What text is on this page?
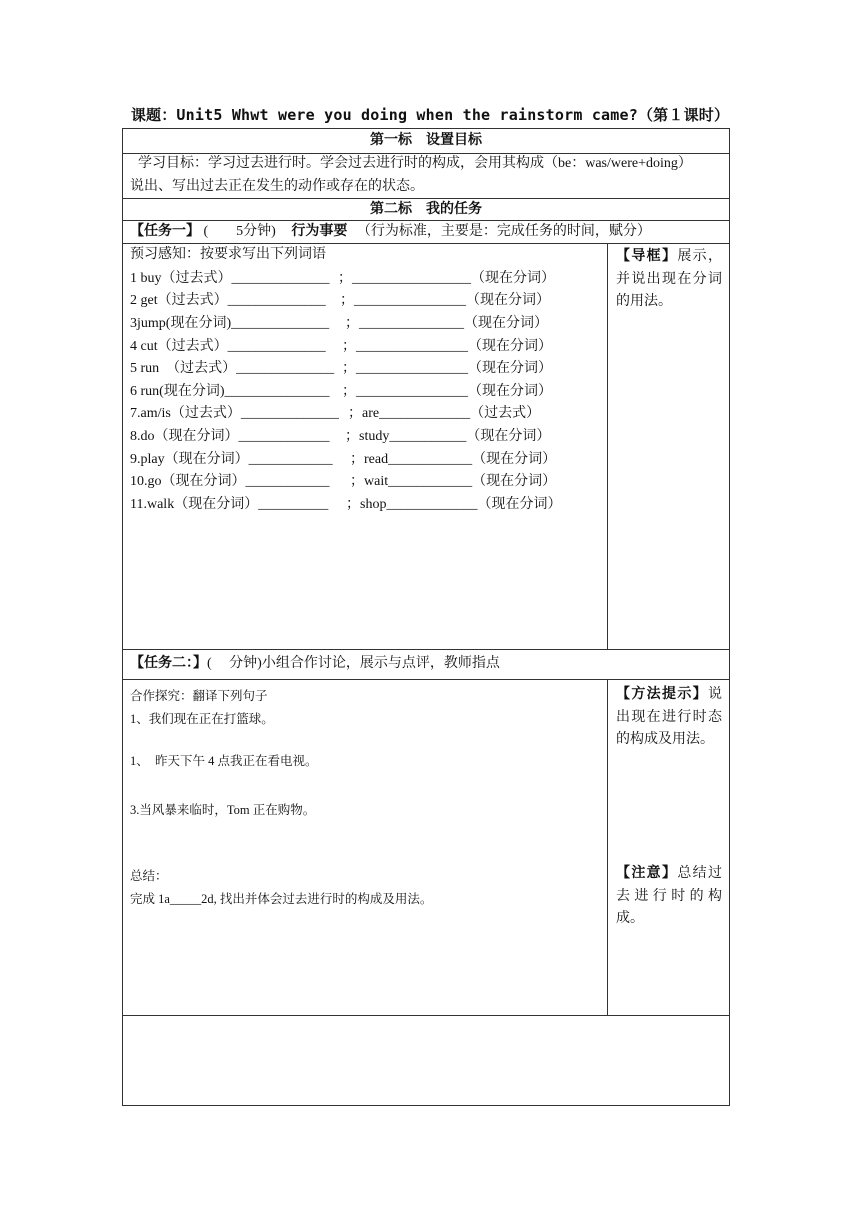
课题：Unit5 Whwt were you doing when the rainstorm came?（第１课时）
第一标　设置目标
学习目标：学习过去进行时。学会过去进行时的构成，会用其构成（be：was/were+doing）
说出、写出过去正在发生的动作或存在的状态。
第二标　我的任务
【任务一】 (　　5分钟) 行为事要 （行为标准，主要是：完成任务的时间，赋分）
预习感知：按要求写出下列词语
1 buy（过去式）______________ ；_________________（现在分词）
2 get（过去式）______________ ；________________（现在分词）
3jump(现在分词)______________ ；_______________（现在分词）
4 cut（过去式）______________ ；________________（现在分词）
5 run　（过去式）______________ ；________________（现在分词）
6 run(现在分词)_______________ ；________________（现在分词）
7.am/is（过去式）______________ ；are_____________（过去式）
8.do（现在分词）_____________ ；study___________（现在分词）
9.play（现在分词）____________ ；read____________（现在分词）
10.go（现在分词）____________ ；wait____________（现在分词）
11.walk（现在分词）__________ ；shop_____________（现在分词）
【导框】展示，并说出现在分词的用法。
【任务二：】(　 分钟)小组合作讨论，展示与点评，教师指点
合作探究：翻译下列句子
1、我们现在正在打篮球。
1、　昨天下午 4 点我正在看电视。
3.当风暴来临时，Tom 正在购物。
总结：
完成 1a_____2d, 找出并体会过去进行时的构成及用法。
【方法提示】说出现在进行时态的构成及用法。
【注意】总结过去进行时的构成。
